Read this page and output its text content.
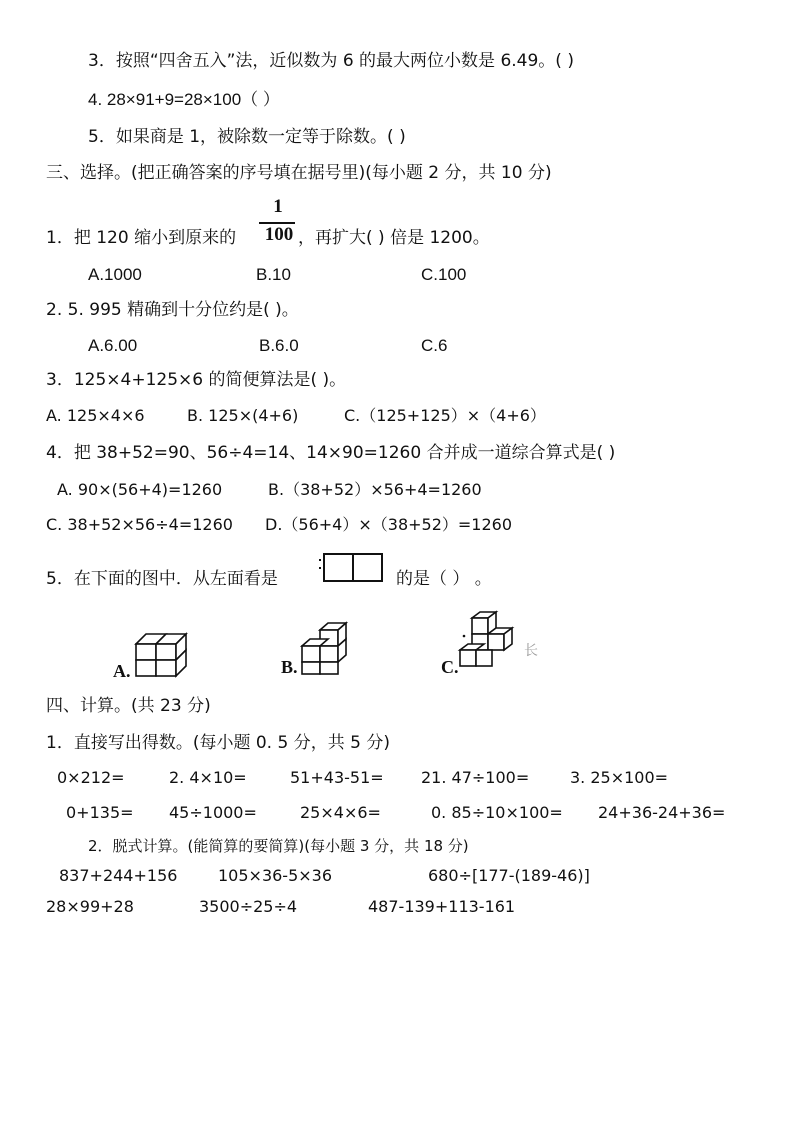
3．按照“四舍五入”法，近似数为 6 的最大两位小数是 6.49。( )
4. 28×91+9=28×100（ ）
5．如果商是 1，被除数一定等于除数。( )
三、选择。(把正确答案的序号填在据号里)(每小题 2 分，共 10 分)
1．把 120 缩小到原来的
1
100 ，再扩大( ) 倍是 1200。
A.1000	B.10	C.100
2. 5. 995 精确到十分位约是( )。
A.6.00	B.6.0	C.6
3．125×4+125×6 的简便算法是( )。
A. 125×4×6	B. 125×(4+6)	C.（125+125）×（4+6）
4．把 38+52=90、56÷4=14、14×90=1260 合并成一道综合算式是( )
A. 90×(56+4)=1260	B.（38+52）×56+4=1260
C. 38+52×56÷4=1260 D.（56+4）×（38+52）=1260
5．在下面的图中．从左面看是	的是（ ） 。
A.	B.	C.
长
四、计算。(共 23 分)
1．直接写出得数。(每小题 0. 5 分，共 5 分)
0×212=	2. 4×10=	51+43-51= 21. 47÷100=	3. 25×100=
0+135= 45÷1000=	25×4×6=	0. 85÷10×100= 24+36-24+36=
2．脱式计算。(能简算的要简算)(每小题 3 分，共 18 分)
837+244+156	105×36-5×36	680÷[177-(189-46)]
28×99+28	3500÷25÷4	487-139+113-161
